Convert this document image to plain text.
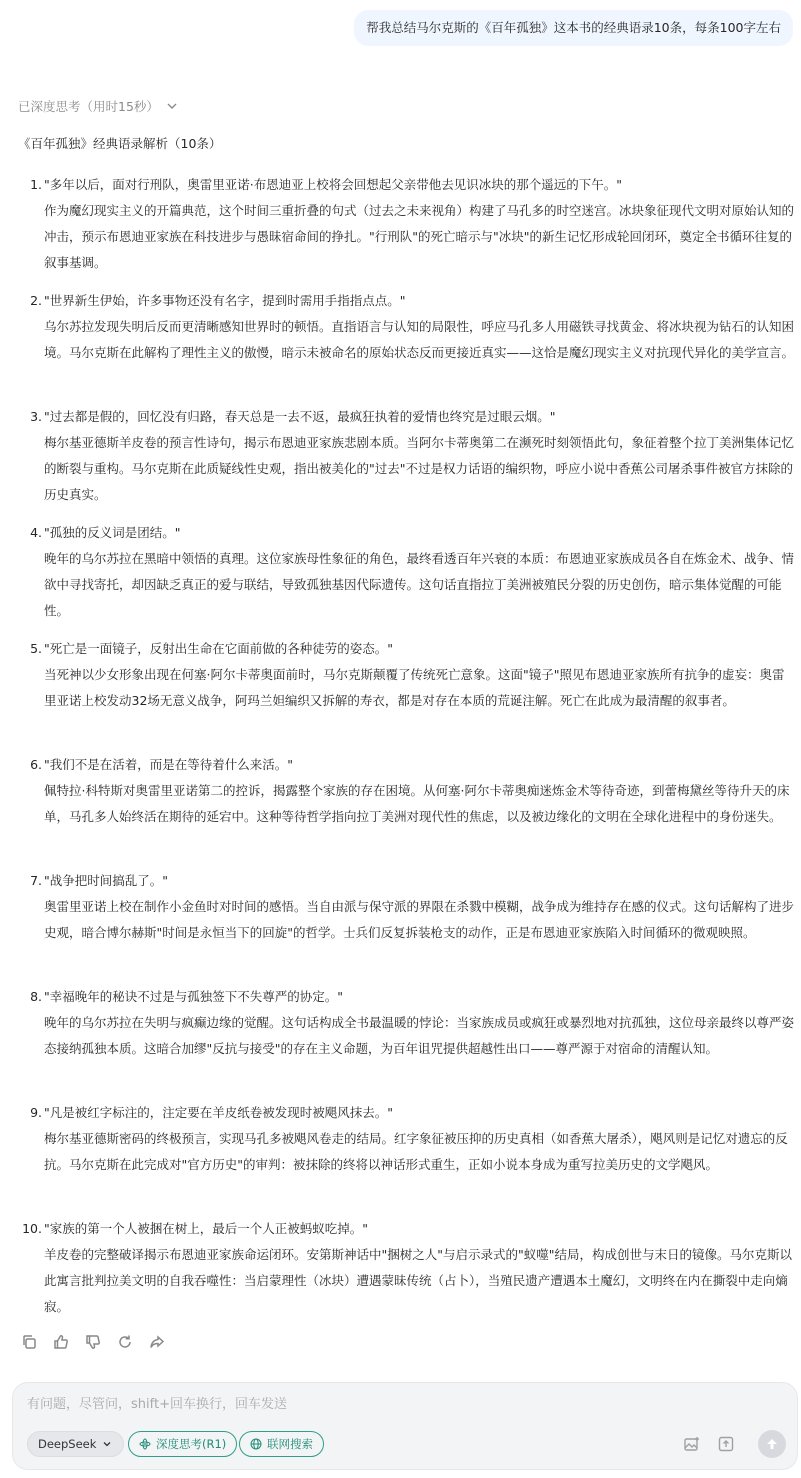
帮我总结马尔克斯的《百年孤独》这本书的经典语录10条，每条100字左右
已深度思考（用时15秒）
《百年孤独》经典语录解析（10条）
1. "多年以后，面对行刑队，奥雷里亚诺·布恩迪亚上校将会回想起父亲带他去见识冰块的那个遥远的下午。"
作为魔幻现实主义的开篇典范，这个时间三重折叠的句式（过去之未来视角）构建了马孔多的时空迷宫。冰块象征现代文明对原始认知的冲击，预示布恩迪亚家族在科技进步与愚昧宿命间的挣扎。"行刑队"的死亡暗示与"冰块"的新生记忆形成轮回闭环，奠定全书循环往复的叙事基调。
2. "世界新生伊始，许多事物还没有名字，提到时需用手指指点点。"
乌尔苏拉发现失明后反而更清晰感知世界时的顿悟。直指语言与认知的局限性，呼应马孔多人用磁铁寻找黄金、将冰块视为钻石的认知困境。马尔克斯在此解构了理性主义的傲慢，暗示未被命名的原始状态反而更接近真实——这恰是魔幻现实主义对抗现代异化的美学宣言。
3. "过去都是假的，回忆没有归路，春天总是一去不返，最疯狂执着的爱情也终究是过眼云烟。"
梅尔基亚德斯羊皮卷的预言性诗句，揭示布恩迪亚家族悲剧本质。当阿尔卡蒂奥第二在濒死时刻领悟此句，象征着整个拉丁美洲集体记忆的断裂与重构。马尔克斯在此质疑线性史观，指出被美化的"过去"不过是权力话语的编织物，呼应小说中香蕉公司屠杀事件被官方抹除的历史真实。
4. "孤独的反义词是团结。"
晚年的乌尔苏拉在黑暗中领悟的真理。这位家族母性象征的角色，最终看透百年兴衰的本质：布恩迪亚家族成员各自在炼金术、战争、情欲中寻找寄托，却因缺乏真正的爱与联结，导致孤独基因代际遗传。这句话直指拉丁美洲被殖民分裂的历史创伤，暗示集体觉醒的可能性。
5. "死亡是一面镜子，反射出生命在它面前做的各种徒劳的姿态。"
当死神以少女形象出现在何塞·阿尔卡蒂奥面前时，马尔克斯颠覆了传统死亡意象。这面"镜子"照见布恩迪亚家族所有抗争的虚妄：奥雷里亚诺上校发动32场无意义战争，阿玛兰妲编织又拆解的寿衣，都是对存在本质的荒诞注解。死亡在此成为最清醒的叙事者。
6. "我们不是在活着，而是在等待着什么来活。"
佩特拉·科特斯对奥雷里亚诺第二的控诉，揭露整个家族的存在困境。从何塞·阿尔卡蒂奥痴迷炼金术等待奇迹，到蕾梅黛丝等待升天的床单，马孔多人始终活在期待的延宕中。这种等待哲学指向拉丁美洲对现代性的焦虑，以及被边缘化的文明在全球化进程中的身份迷失。
7. "战争把时间搞乱了。"
奥雷里亚诺上校在制作小金鱼时对时间的感悟。当自由派与保守派的界限在杀戮中模糊，战争成为维持存在感的仪式。这句话解构了进步史观，暗合博尔赫斯"时间是永恒当下的回旋"的哲学。士兵们反复拆装枪支的动作，正是布恩迪亚家族陷入时间循环的微观映照。
8. "幸福晚年的秘诀不过是与孤独签下不失尊严的协定。"
晚年的乌尔苏拉在失明与疯癫边缘的觉醒。这句话构成全书最温暖的悖论：当家族成员或疯狂或暴烈地对抗孤独，这位母亲最终以尊严姿态接纳孤独本质。这暗合加缪"反抗与接受"的存在主义命题，为百年诅咒提供超越性出口——尊严源于对宿命的清醒认知。
9. "凡是被红字标注的，注定要在羊皮纸卷被发现时被飓风抹去。"
梅尔基亚德斯密码的终极预言，实现马孔多被飓风卷走的结局。红字象征被压抑的历史真相（如香蕉大屠杀），飓风则是记忆对遗忘的反抗。马尔克斯在此完成对"官方历史"的审判：被抹除的终将以神话形式重生，正如小说本身成为重写拉美历史的文学飓风。
10. "家族的第一个人被捆在树上，最后一个人正被蚂蚁吃掉。"
羊皮卷的完整破译揭示布恩迪亚家族命运闭环。安第斯神话中"捆树之人"与启示录式的"蚁噬"结局，构成创世与末日的镜像。马尔克斯以此寓言批判拉美文明的自我吞噬性：当启蒙理性（冰块）遭遇蒙昧传统（占卜），当殖民遗产遭遇本土魔幻，文明终在内在撕裂中走向熵寂。
有问题，尽管问，shift+回车换行，回车发送
DeepSeek	深度思考(R1)	联网搜索
